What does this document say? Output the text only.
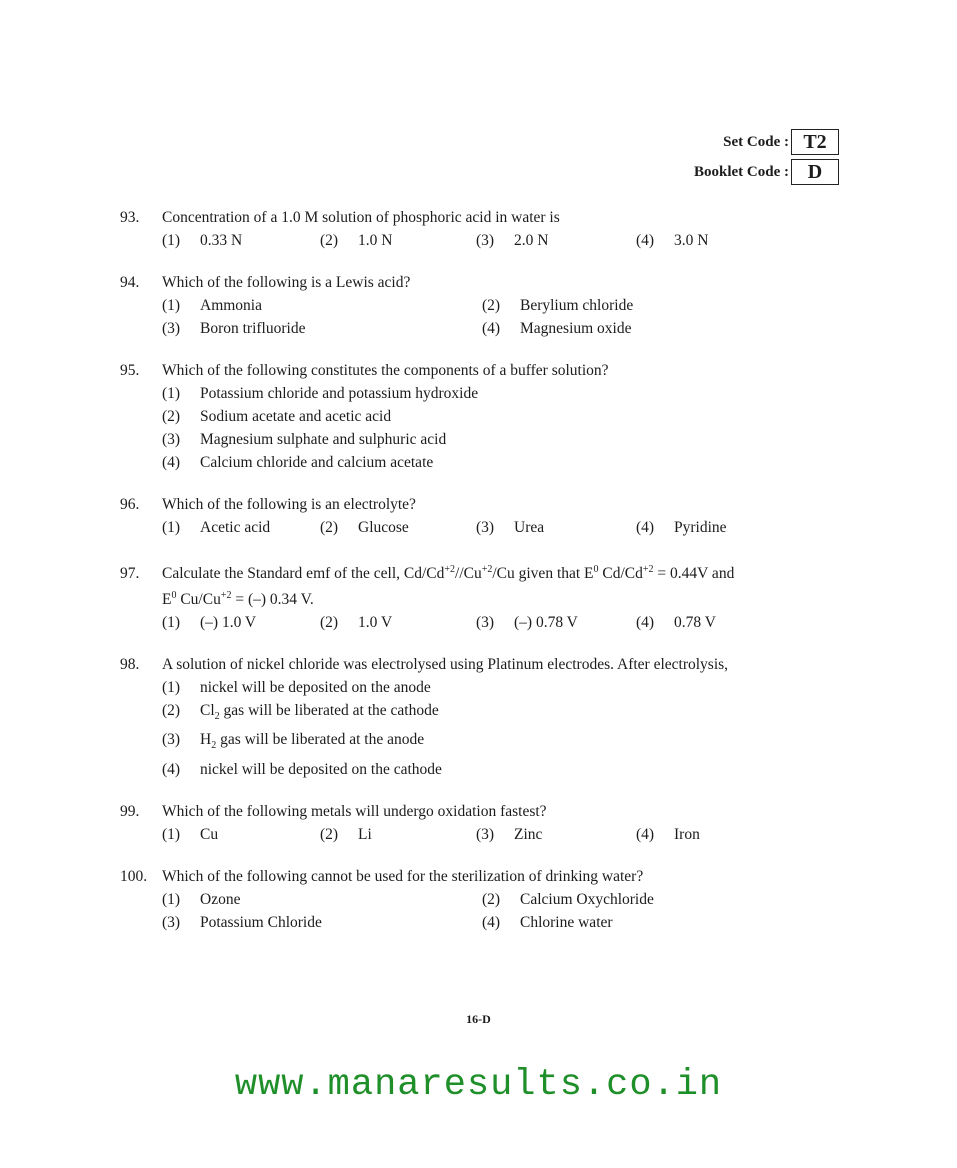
Set Code : T2
Booklet Code : D
93.	Concentration of a 1.0 M solution of phosphoric acid in water is
(1)	0.33 N	(2)	1.0 N	(3)	2.0 N	(4)	3.0 N
94.	Which of the following is a Lewis acid?
(1)	Ammonia	(2)	Berylium chloride
(3)	Boron trifluoride	(4)	Magnesium oxide
95.	Which of the following constitutes the components of a buffer solution?
(1)	Potassium chloride and potassium hydroxide
(2)	Sodium acetate and acetic acid
(3)	Magnesium sulphate and sulphuric acid
(4)	Calcium chloride and calcium acetate
96.	Which of the following is an electrolyte?
(1)	Acetic acid	(2)	Glucose	(3)	Urea	(4)	Pyridine
97.	Calculate the Standard emf of the cell, $Cd/Cd^{+2}//Cu^{+2}/Cu$ given that $E^0$ $Cd/Cd^{+2} = 0.44V$ and
$E^0$ $Cu/Cu^{+2}$ = (–) 0.34 V.
(1)	(–) 1.0 V	(2)	1.0 V	(3)	(–) 0.78 V	(4)	0.78 V
98.	A solution of nickel chloride was electrolysed using Platinum electrodes. After electrolysis,
(1)	nickel will be deposited on the anode
(2)	$Cl_2$ gas will be liberated at the cathode
(3)	$H_2$ gas will be liberated at the anode
(4)	nickel will be deposited on the cathode
99.	Which of the following metals will undergo oxidation fastest?
(1)	Cu	(2)	Li	(3)	Zinc	(4)	Iron
100. Which of the following cannot be used for the sterilization of drinking water?
(1)	Ozone	(2)	Calcium Oxychloride
(3)	Potassium Chloride	(4)	Chlorine water
16-D
www.manaresults.co.in
